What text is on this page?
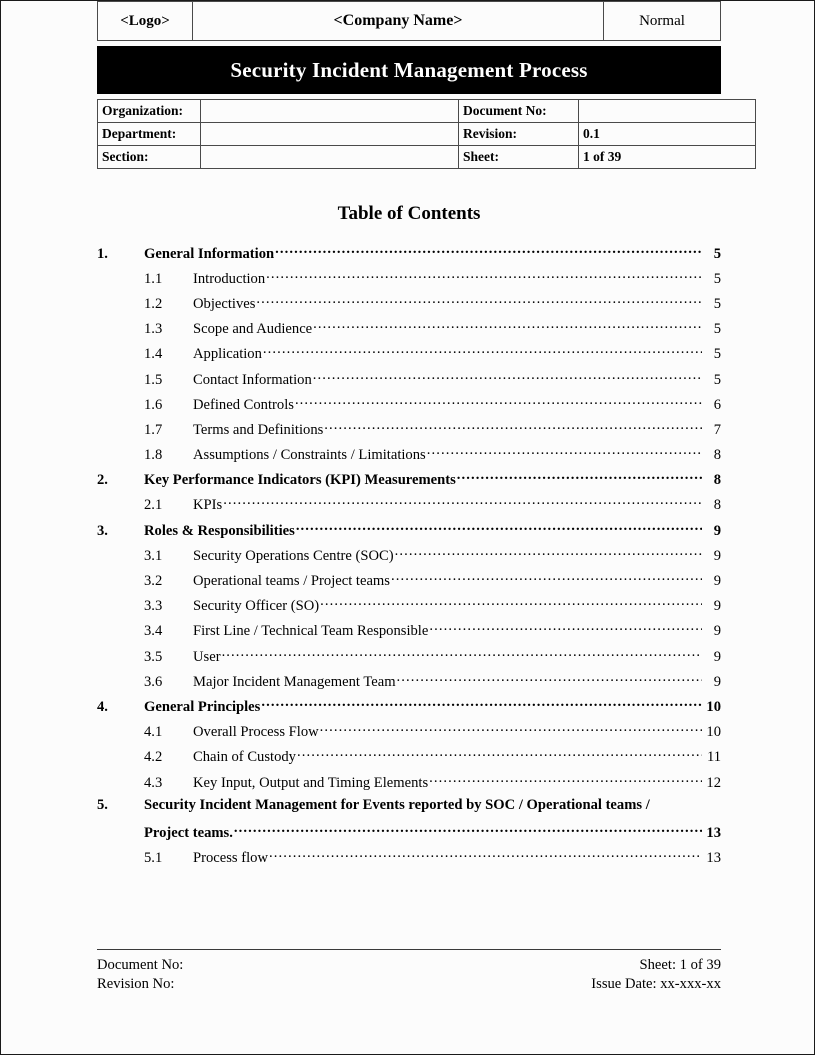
<Logo>	<Company Name>	Normal
Security Incident Management Process
Organization:		Document No:	
Department:		Revision:	0.1
Section:		Sheet:	1 of 39
Table of Contents
1.	General Information .....	5
1.1	Introduction .....	5
1.2	Objectives .....	5
1.3	Scope and Audience .....	5
1.4	Application .....	5
1.5	Contact Information .....	5
1.6	Defined Controls .....	6
1.7	Terms and Definitions .....	7
1.8	Assumptions / Constraints / Limitations .....	8
2.	Key Performance Indicators (KPI) Measurements .....	8
2.1	KPIs .....	8
3.	Roles & Responsibilities .....	9
3.1	Security Operations Centre (SOC) .....	9
3.2	Operational teams / Project teams .....	9
3.3	Security Officer (SO) .....	9
3.4	First Line / Technical Team Responsible .....	9
3.5	User .....	9
3.6	Major Incident Management Team .....	9
4.	General Principles .....	10
4.1	Overall Process Flow .....	10
4.2	Chain of Custody .....	11
4.3	Key Input, Output and Timing Elements .....	12
5.	Security Incident Management for Events reported by SOC / Operational teams /
Project teams. .....	13
5.1	Process flow .....	13
Document No:
Revision No:
Sheet: 1 of 39
Issue Date: xx-xxx-xx
